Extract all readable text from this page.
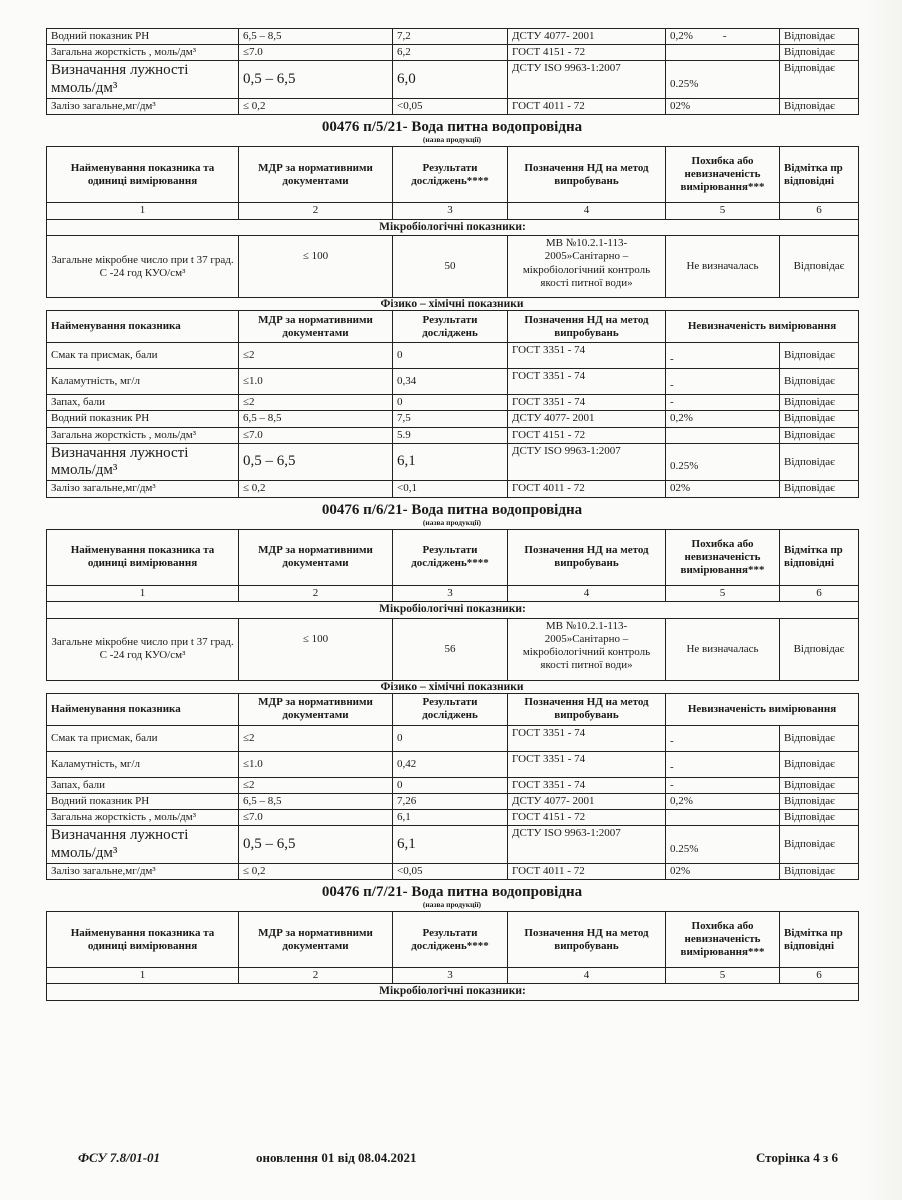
Водний показник РН	6,5 – 8,5	7,2	ДСТУ 4077- 2001	0,2% -	Відповідає
Загальна жорсткість , моль/дм³	≤7.0	6,2	ГОСТ 4151 - 72		Відповідає
Визначання лужності ммоль/дм³	0,5 – 6,5	6,0	ДСТУ ISO 9963-1:2007	0.25%	Відповідає
Залізо загальне,мг/дм³	≤ 0,2	<0,05	ГОСТ 4011 - 72	02%	Відповідає
00476 п/5/21- Вода питна водопровідна
(назва продукції)
Найменування показника та одиниці вимірювання	МДР за нормативними документами	Результати досліджень****	Позначення НД на метод випробувань	Похибка або невизначеність вимірювання***	Відмітка пр відповідні
1	2	3	4	5	6
Мікробіологічні показники:					
Загальне мікробне число при t 37 град. С -24 год КУО/см³	≤ 100	50	МВ №10.2.1-113-2005»Санітарно – мікробіологічний контроль якості питної води»	Не визначалась	Відповідає
Фізико – хімічні показники
Найменування показника	МДР за нормативними документами	Результати досліджень	Позначення НД на метод випробувань	Невизначеність вимірювання	
Смак та присмак, бали	≤2	0	ГОСТ 3351 - 74	-	Відповідає
Каламутність, мг/л	≤1.0	0,34	ГОСТ 3351 - 74	-	Відповідає
Запах, бали	≤2	0	ГОСТ 3351 - 74	-	Відповідає
Водний показник РН	6,5 – 8,5	7,5	ДСТУ 4077- 2001	0,2%	Відповідає
Загальна жорсткість , моль/дм³	≤7.0	5.9	ГОСТ 4151 - 72		Відповідає
Визначання лужності ммоль/дм³	0,5 – 6,5	6,1	ДСТУ ISO 9963-1:2007	0.25%	Відповідає
Залізо загальне,мг/дм³	≤ 0,2	<0,1	ГОСТ 4011 - 72	02%	Відповідає
00476 п/6/21- Вода питна водопровідна
(назва продукції)
Найменування показника та одиниці вимірювання	МДР за нормативними документами	Результати досліджень****	Позначення НД на метод випробувань	Похибка або невизначеність вимірювання***	Відмітка пр відповідні
1	2	3	4	5	6
Мікробіологічні показники:					
Загальне мікробне число при t 37 град. С -24 год КУО/см³	≤ 100	56	МВ №10.2.1-113-2005»Санітарно – мікробіологічний контроль якості питної води»	Не визначалась	Відповідає
Фізико – хімічні показники
Найменування показника	МДР за нормативними документами	Результати досліджень	Позначення НД на метод випробувань	Невизначеність вимірювання	
Смак та присмак, бали	≤2	0	ГОСТ 3351 - 74	-	Відповідає
Каламутність, мг/л	≤1.0	0,42	ГОСТ 3351 - 74	-	Відповідає
Запах, бали	≤2	0	ГОСТ 3351 - 74	-	Відповідає
Водний показник РН	6,5 – 8,5	7,26	ДСТУ 4077- 2001	0,2%	Відповідає
Загальна жорсткість , моль/дм³	≤7.0	6,1	ГОСТ 4151 - 72		Відповідає
Визначання лужності ммоль/дм³	0,5 – 6,5	6,1	ДСТУ ISO 9963-1:2007	0.25%	Відповідає
Залізо загальне,мг/дм³	≤ 0,2	<0,05	ГОСТ 4011 - 72	02%	Відповідає
00476 п/7/21- Вода питна водопровідна
(назва продукції)
Найменування показника та одиниці вимірювання	МДР за нормативними документами	Результати досліджень****	Позначення НД на метод випробувань	Похибка або невизначеність вимірювання***	Відмітка пр відповідні
1	2	3	4	5	6
Мікробіологічні показники:					
ФСУ 7.8/01-01	оновлення 01 від 08.04.2021	Сторінка 4 з 6
